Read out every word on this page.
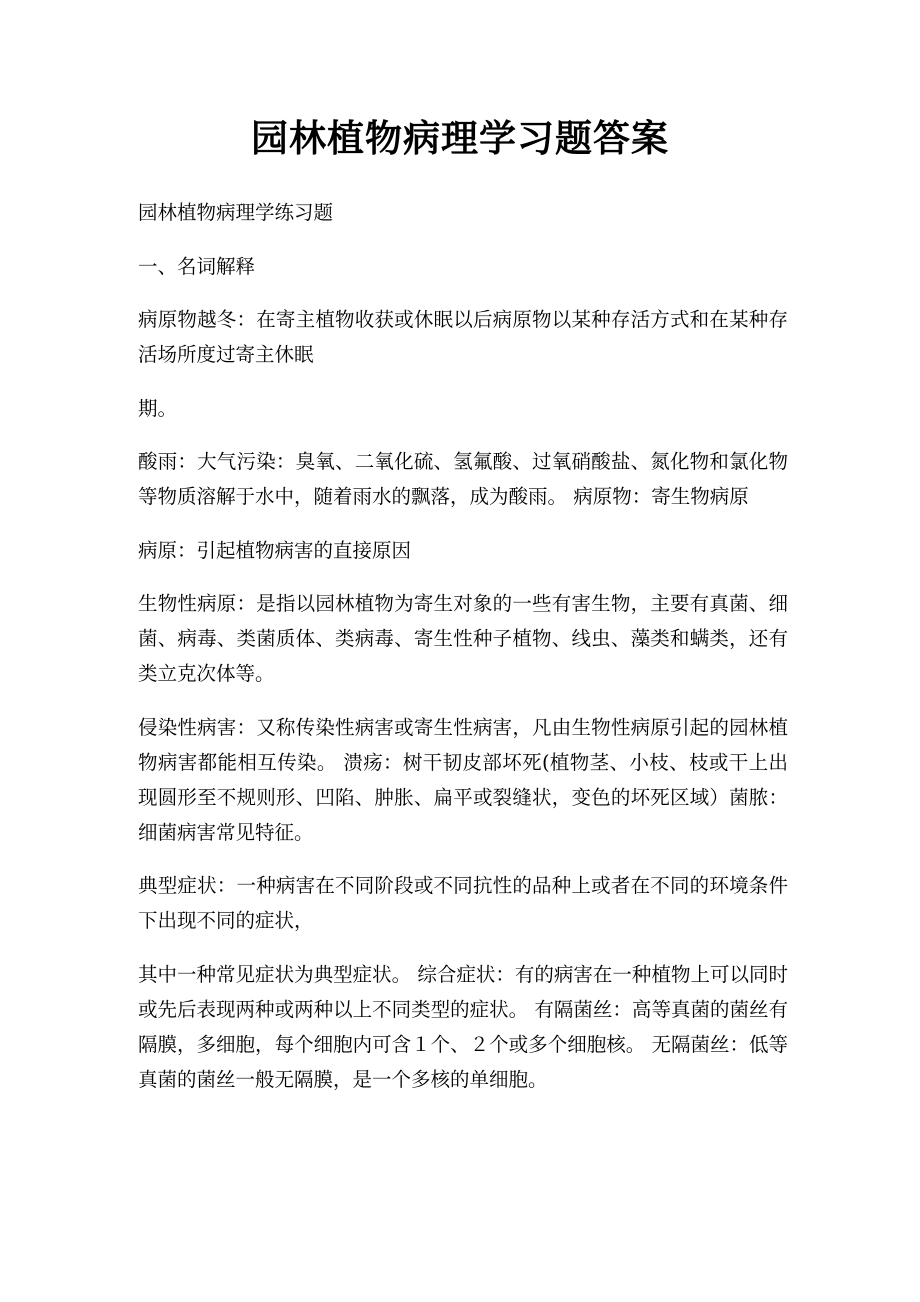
园林植物病理学习题答案

园林植物病理学练习题

一、名词解释

病原物越冬：在寄主植物收获或休眠以后病原物以某种存活方式和在某种存活场所度过寄主休眠

期。

酸雨：大气污染：臭氧、二氧化硫、氢氟酸、过氧硝酸盐、氮化物和氯化物等物质溶解于水中，随着雨水的飘落，成为酸雨。 病原物：寄生物病原

病原：引起植物病害的直接原因

生物性病原：是指以园林植物为寄生对象的一些有害生物，主要有真菌、细菌、病毒、类菌质体、类病毒、寄生性种子植物、线虫、藻类和螨类，还有类立克次体等。

侵染性病害：又称传染性病害或寄生性病害，凡由生物性病原引起的园林植物病害都能相互传染。 溃疡：树干韧皮部坏死(植物茎、小枝、枝或干上出现圆形至不规则形、凹陷、肿胀、扁平或裂缝状，变色的坏死区域）菌脓：细菌病害常见特征。

典型症状：一种病害在不同阶段或不同抗性的品种上或者在不同的环境条件下出现不同的症状，

其中一种常见症状为典型症状。 综合症状：有的病害在一种植物上可以同时或先后表现两种或两种以上不同类型的症状。 有隔菌丝：高等真菌的菌丝有隔膜，多细胞，每个细胞内可含１个、２个或多个细胞核。 无隔菌丝：低等真菌的菌丝一般无隔膜，是一个多核的单细胞。
